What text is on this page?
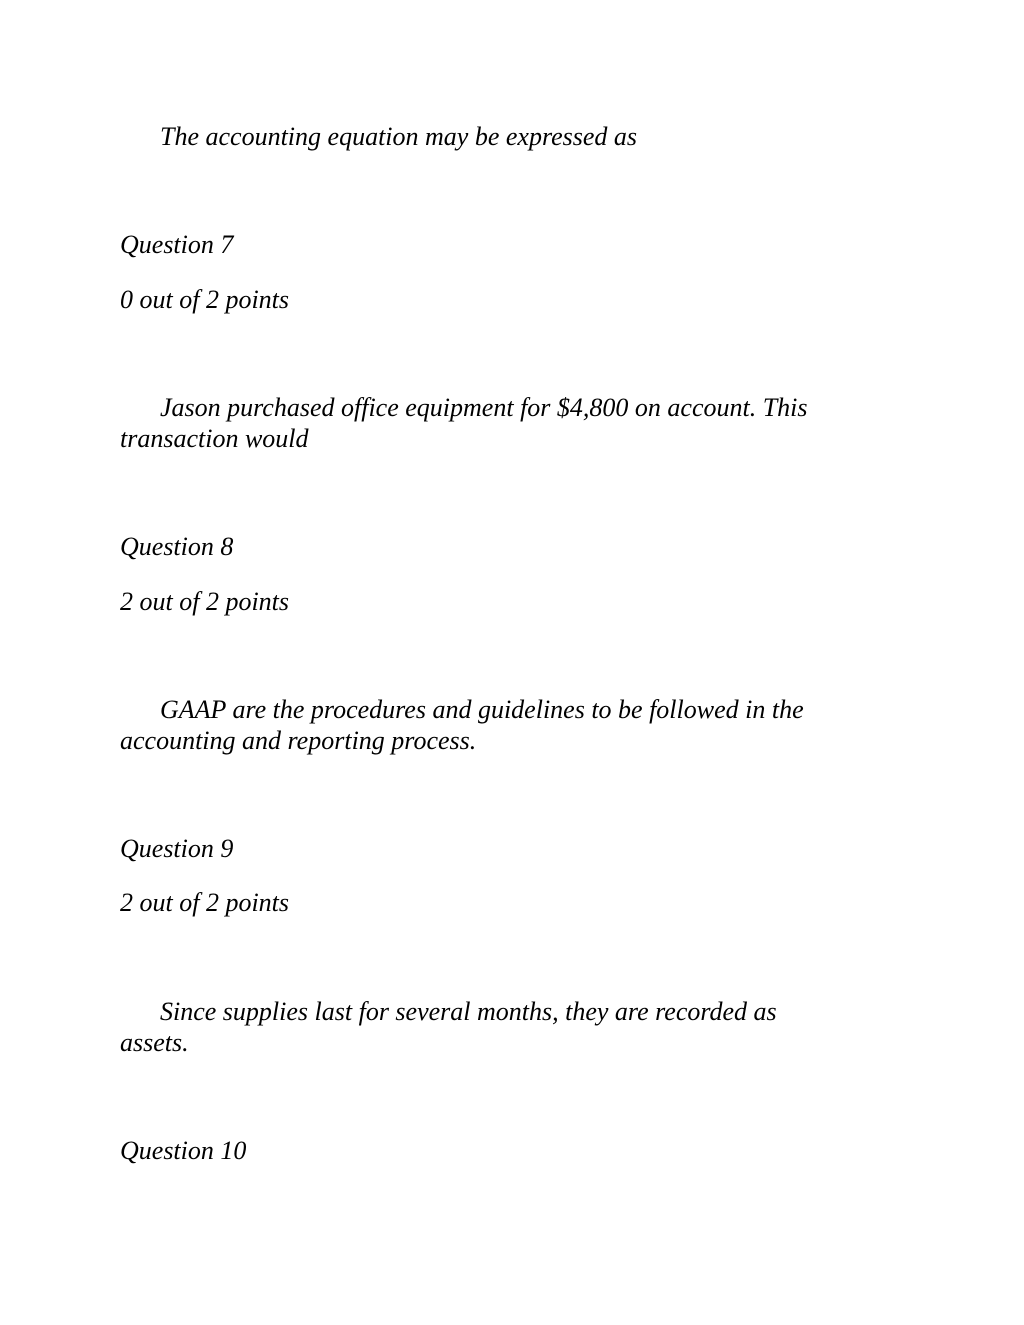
The accounting equation may be expressed as

Question 7

0 out of 2 points

Jason purchased office equipment for $4,800 on account. This transaction would

Question 8

2 out of 2 points

GAAP are the procedures and guidelines to be followed in the accounting and reporting process.

Question 9

2 out of 2 points

Since supplies last for several months, they are recorded as assets.

Question 10
